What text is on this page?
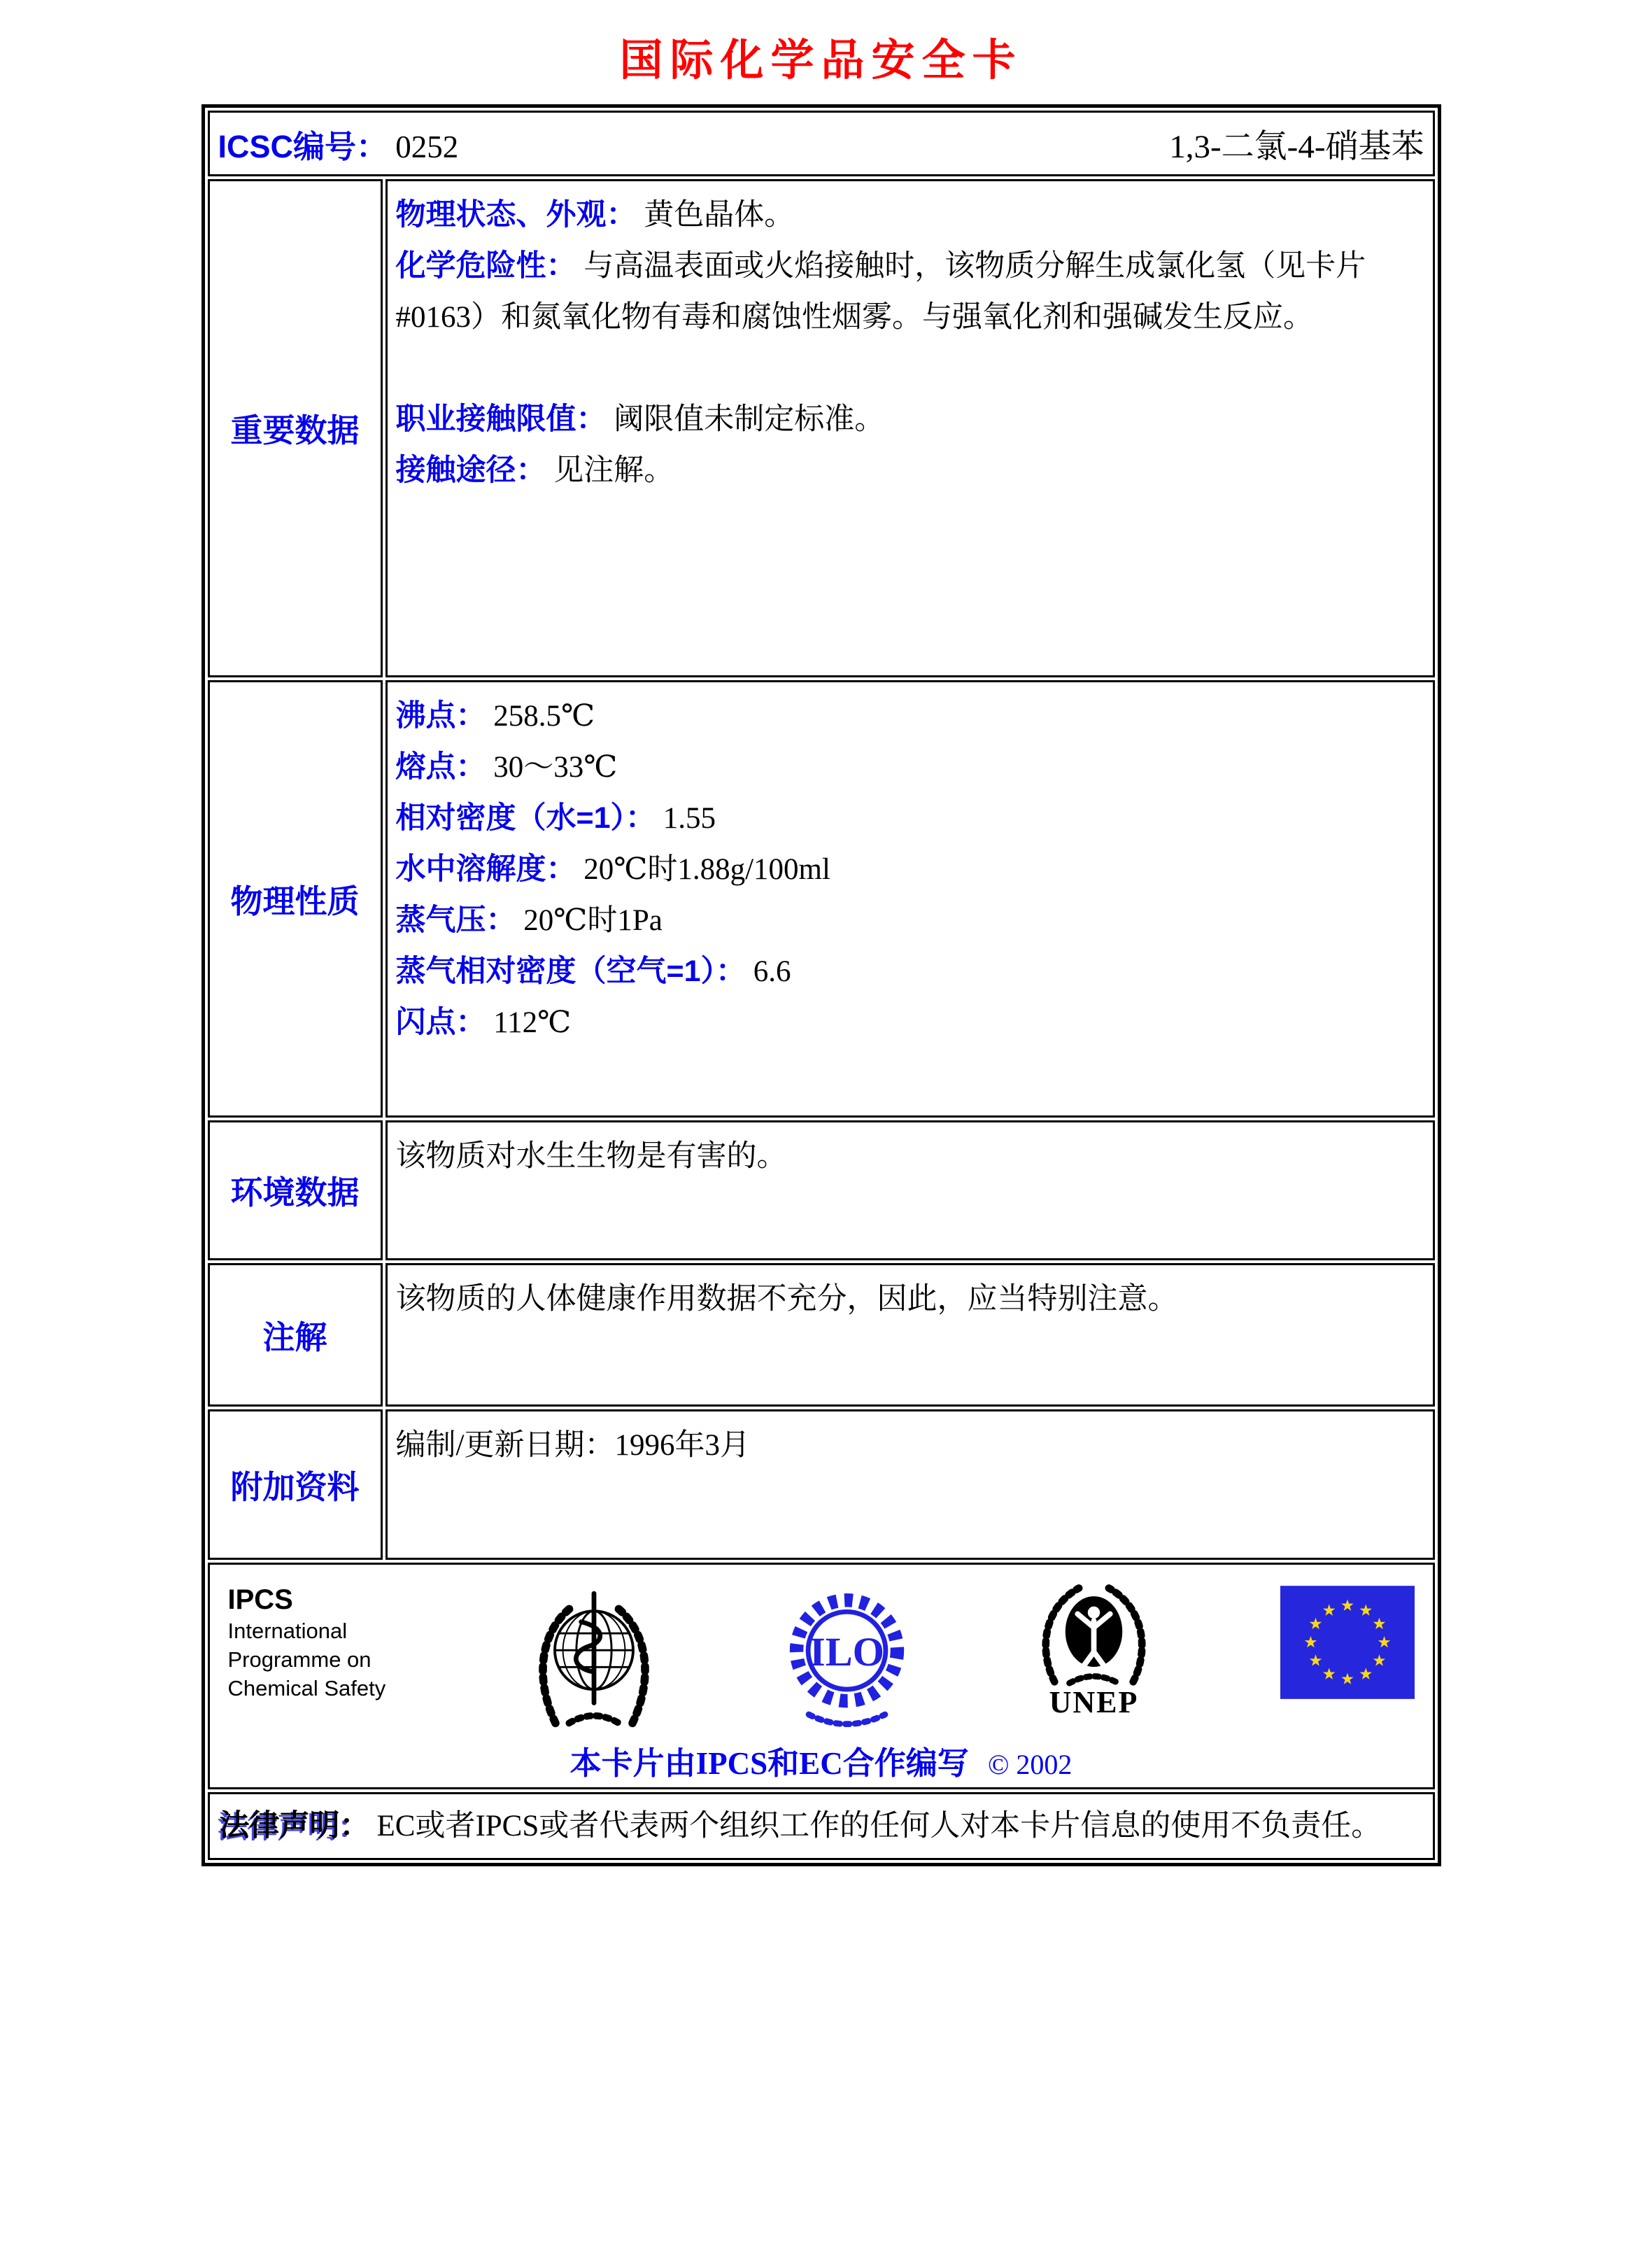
国际化学品安全卡
ICSC编号： 0252	1,3-二氯-4-硝基苯
重要数据

物理状态、外观： 黄色晶体。

化学危险性： 与高温表面或火焰接触时，该物质分解生成氯化氢（见卡片#0163）和氮氧化物有毒和腐蚀性烟雾。与强氧化剂和强碱发生反应。

职业接触限值： 阈限值未制定标准。

接触途径： 见注解。

物理性质

沸点： 258.5℃

熔点： 30～33℃

相对密度（水=1）： 1.55

水中溶解度： 20℃时1.88g/100ml

蒸气压： 20℃时1Pa

蒸气相对密度（空气=1）： 6.6

闪点： 112℃

环境数据

该物质对水生生物是有害的。

注解

该物质的人体健康作用数据不充分，因此，应当特别注意。

附加资料

编制/更新日期：1996年3月

IPCS
International
Programme on
Chemical Safety
ILO
UNEP
本卡片由IPCS和EC合作编写 © 2002
法律声明： EC或者IPCS或者代表两个组织工作的任何人对本卡片信息的使用不负责任。
